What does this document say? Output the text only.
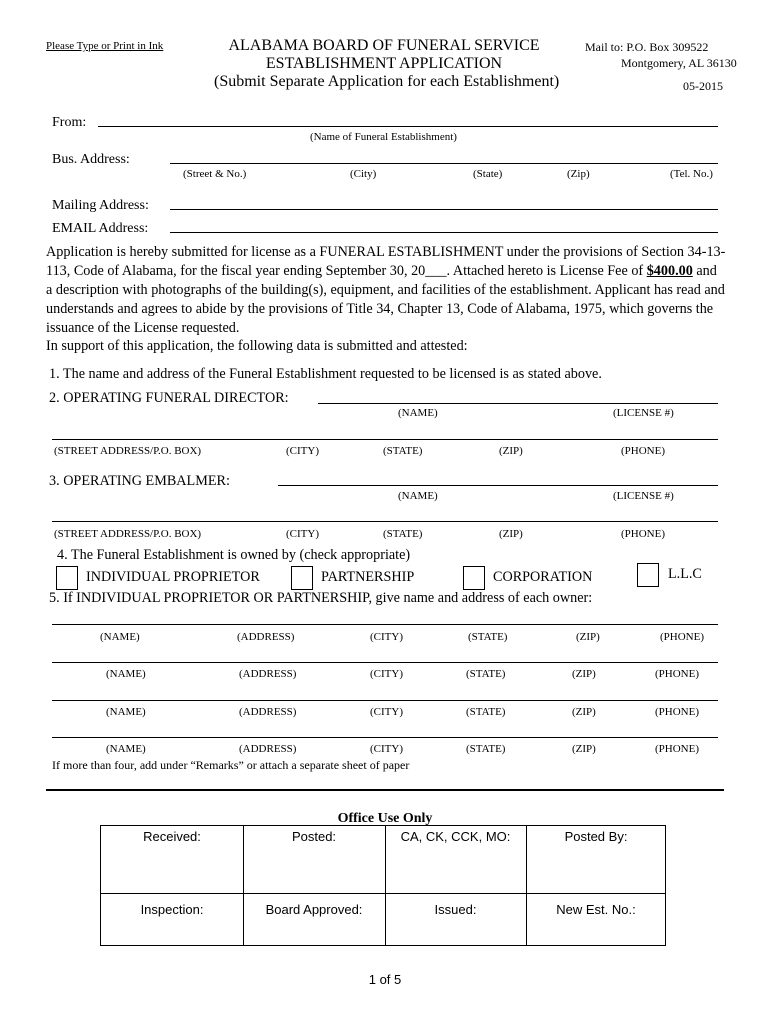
Please Type or Print in Ink	ALABAMA BOARD OF FUNERAL SERVICE
ESTABLISHMENT APPLICATION
(Submit Separate Application for each Establishment)
Mail to: P.O. Box 309522
Montgomery, AL 36130
05-2015
From:
(Name of Funeral Establishment)
Bus. Address:
(Street & No.)	(City)	(State)	(Zip)	(Tel. No.)
Mailing Address:
EMAIL Address:
Application is hereby submitted for license as a FUNERAL ESTABLISHMENT under the provisions of Section 34-13-113, Code of Alabama, for the fiscal year ending September 30, 20___. Attached hereto is License Fee of $400.00 and a description with photographs of the building(s), equipment, and facilities of the establishment. Applicant has read and understands and agrees to abide by the provisions of Title 34, Chapter 13, Code of Alabama, 1975, which governs the issuance of the License requested.
In support of this application, the following data is submitted and attested:
1. The name and address of the Funeral Establishment requested to be licensed is as stated above.
2. OPERATING FUNERAL DIRECTOR:
(NAME)	(LICENSE #)
(STREET ADDRESS/P.O. BOX)	(CITY)	(STATE)	(ZIP)	(PHONE)
3. OPERATING EMBALMER:
(NAME)	(LICENSE #)
(STREET ADDRESS/P.O. BOX)	(CITY)	(STATE)	(ZIP)	(PHONE)
4. The Funeral Establishment is owned by (check appropriate)
INDIVIDUAL PROPRIETOR	PARTNERSHIP	CORPORATION	L.L.C
5. If INDIVIDUAL PROPRIETOR OR PARTNERSHIP, give name and address of each owner:
(NAME)	(ADDRESS)	(CITY)	(STATE)	(ZIP)	(PHONE)
(NAME)	(ADDRESS)	(CITY)	(STATE)	(ZIP)	(PHONE)
(NAME)	(ADDRESS)	(CITY)	(STATE)	(ZIP)	(PHONE)
(NAME)	(ADDRESS)	(CITY)	(STATE)	(ZIP)	(PHONE)
If more than four, add under “Remarks” or attach a separate sheet of paper
Office Use Only
Received:	Posted:	CA, CK, CCK, MO:	Posted By:
Inspection:	Board Approved:	Issued:	New Est. No.:
1 of 5
